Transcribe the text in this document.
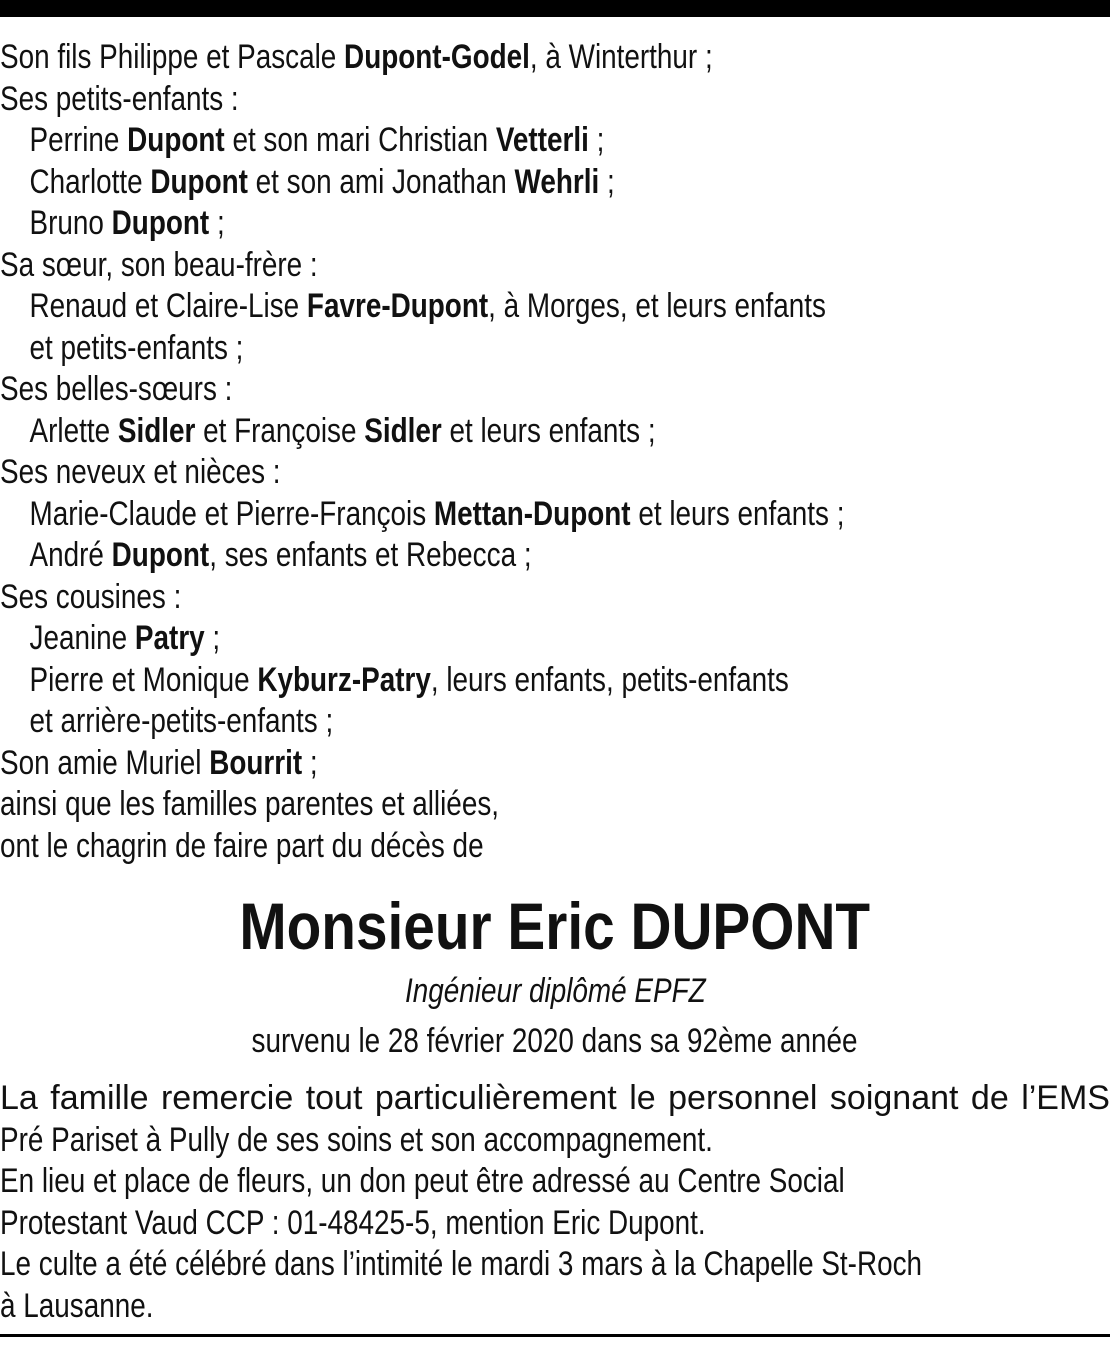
Son fils Philippe et Pascale Dupont-Godel, à Winterthur ;
Ses petits-enfants :
Perrine Dupont et son mari Christian Vetterli ;
Charlotte Dupont et son ami Jonathan Wehrli ;
Bruno Dupont ;
Sa sœur, son beau-frère :
Renaud et Claire-Lise Favre-Dupont, à Morges, et leurs enfants
et petits-enfants ;
Ses belles-sœurs :
Arlette Sidler et Françoise Sidler et leurs enfants ;
Ses neveux et nièces :
Marie-Claude et Pierre-François Mettan-Dupont et leurs enfants ;
André Dupont, ses enfants et Rebecca ;
Ses cousines :
Jeanine Patry ;
Pierre et Monique Kyburz-Patry, leurs enfants, petits-enfants
et arrière-petits-enfants ;
Son amie Muriel Bourrit ;
ainsi que les familles parentes et alliées,
ont le chagrin de faire part du décès de
Monsieur Eric DUPONT
Ingénieur diplômé EPFZ
survenu le 28 février 2020 dans sa 92ème année
La famille remercie tout particulièrement le personnel soignant de l’EMS
Pré Pariset à Pully de ses soins et son accompagnement.
En lieu et place de fleurs, un don peut être adressé au Centre Social
Protestant Vaud CCP : 01-48425-5, mention Eric Dupont.
Le culte a été célébré dans l’intimité le mardi 3 mars à la Chapelle St-Roch
à Lausanne.
